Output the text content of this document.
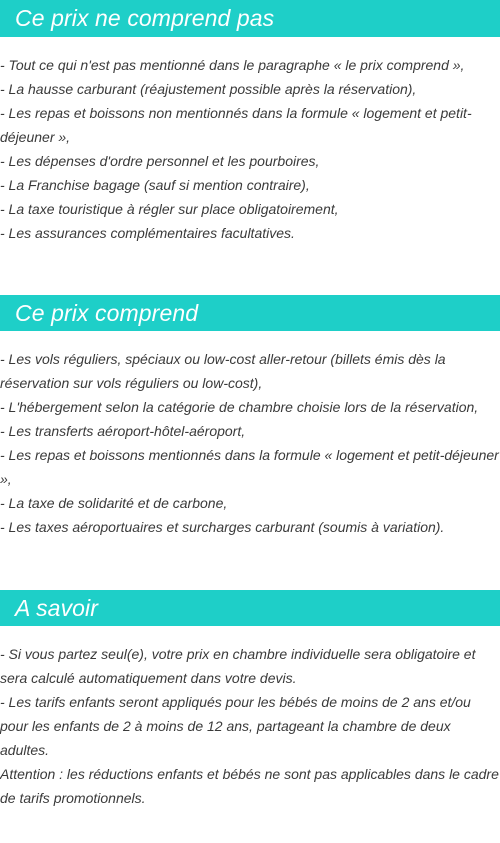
Ce prix ne comprend pas
- Tout ce qui n'est pas mentionné dans le paragraphe « le prix comprend »,
- La hausse carburant (réajustement possible après la réservation),
- Les repas et boissons non mentionnés dans la formule « logement et petit-déjeuner »,
- Les dépenses d'ordre personnel et les pourboires,
- La Franchise bagage (sauf si mention contraire),
- La taxe touristique à régler sur place obligatoirement,
- Les assurances complémentaires facultatives.
Ce prix comprend
- Les vols réguliers, spéciaux ou low-cost aller-retour (billets émis dès la réservation sur vols réguliers ou low-cost),
- L'hébergement selon la catégorie de chambre choisie lors de la réservation,
- Les transferts aéroport-hôtel-aéroport,
- Les repas et boissons mentionnés dans la formule « logement et petit-déjeuner »,
- La taxe de solidarité et de carbone,
- Les taxes aéroportuaires et surcharges carburant (soumis à variation).
A savoir
- Si vous partez seul(e), votre prix en chambre individuelle sera obligatoire et sera calculé automatiquement dans votre devis.
- Les tarifs enfants seront appliqués pour les bébés de moins de 2 ans et/ou pour les enfants de 2 à moins de 12 ans, partageant la chambre de deux adultes.
Attention : les réductions enfants et bébés ne sont pas applicables dans le cadre de tarifs promotionnels.
